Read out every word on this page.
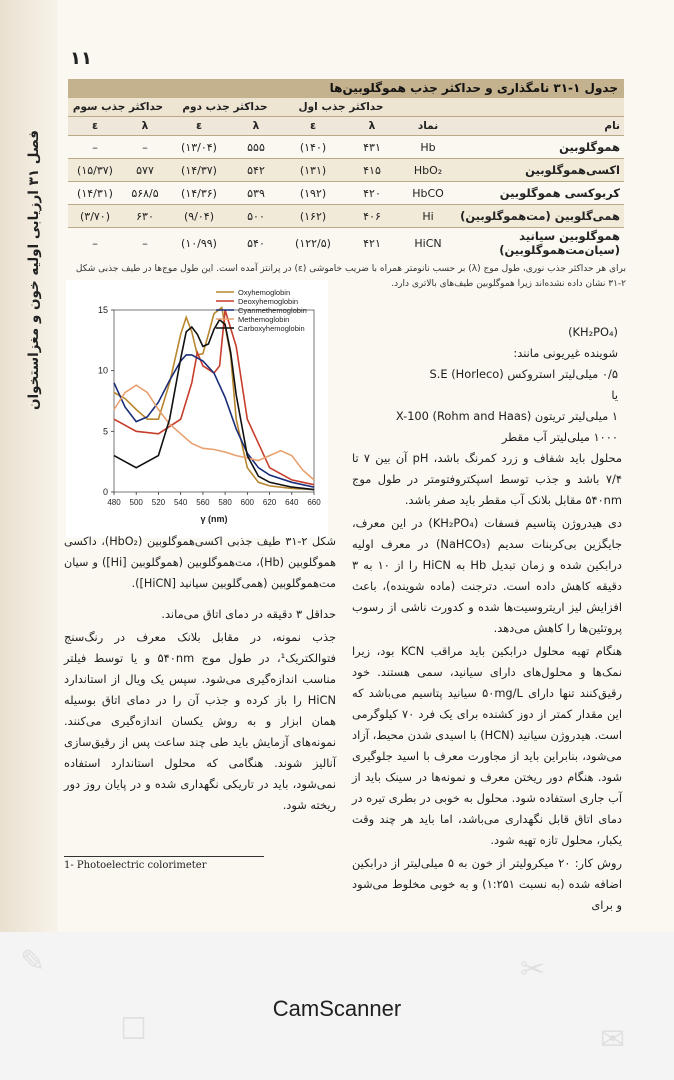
۱۱
فصل ۳۱ ارزیابی اولیه خون و مغزاستخوان
جدول ۱-۳۱ نامگذاری و حداکثر جذب هموگلوبین‌ها
		حداکثر جذب اول		حداکثر جذب دوم		حداکثر جذب سوم	
نام	نماد	λ	ε	λ	ε	λ	ε
هموگلوبین	Hb	۴۳۱	(۱۴۰)	۵۵۵	(۱۳/۰۴)	–	–
اکسی‌هموگلوبین	HbO₂	۴۱۵	(۱۳۱)	۵۴۲	(۱۴/۳۷)	۵۷۷	(۱۵/۳۷)
کربوکسی هموگلوبین	HbCO	۴۲۰	(۱۹۲)	۵۳۹	(۱۴/۳۶)	۵۶۸/۵	(۱۴/۳۱)
همی‌گلوبین (مت‌هموگلوبین)	Hi	۴۰۶	(۱۶۲)	۵۰۰	(۹/۰۴)	۶۳۰	(۳/۷۰)
هموگلوبین سیانید (سیان‌مت‌هموگلوبین)	HiCN	۴۲۱	(۱۲۲/۵)	۵۴۰	(۱۰/۹۹)	–	–
برای هر حداکثر جذب نوری، طول موج (λ) بر حسب نانومتر همراه با ضریب خاموشی (ε) در پرانتز آمده است. این طول موج‌ها در طیف جذبی شکل ۲-۳۱ نشان داده نشده‌اند زیرا هموگلوبین طیف‌های بالاتری دارد.
0
5
10
15
480 500 520 540 560 580 600 620 640 660
γ (nm)
Oxyhemoglobin
Deoxyhemoglobin
Cyanmethemoglobin
Methemoglobin
Carboxyhemoglobin
شکل ۲-۳۱ طیف جذبی اکسی‌هموگلوبین (HbO₂)، داکسی هموگلوبین (Hb)، مت‌هموگلوبین (هموگلوبین [Hi]) و سیان مت‌هموگلوبین (همی‌گلوبین سیانید [HiCN]).

(KH₂PO₄)

شوینده غیریونی مانند:

۰/۵ میلی‌لیتر استروکس S.E (Horleco)

یا

۱ میلی‌لیتر تریتون X-100 (Rohm and Haas)

۱۰۰۰ میلی‌لیتر آب مقطر

محلول باید شفاف و زرد کمرنگ باشد، pH آن بین ۷ تا ۷/۴ باشد و جذب توسط اسپکتروفتومتر در طول موج ۵۴۰nm مقابل بلانک آب مقطر باید صفر باشد.

دی هیدروژن پتاسیم فسفات (KH₂PO₄) در این معرف، جایگزین بی‌کربنات سدیم (NaHCO₃) در معرف اولیه درابکین شده و زمان تبدیل Hb به HiCN را از ۱۰ به ۳ دقیقه کاهش داده است. دترجنت (ماده شوینده)، باعث افزایش لیز اریتروسیت‌ها شده و کدورت ناشی از رسوب پروتئین‌ها را کاهش می‌دهد.

هنگام تهیه محلول درابکین باید مراقب KCN بود، زیرا نمک‌ها و محلول‌های دارای سیانید، سمی هستند. خود رقیق‌کنند تنها دارای ۵۰mg/L سیانید پتاسیم می‌باشد که این مقدار کمتر از دوز کشنده برای یک فرد ۷۰ کیلوگرمی است. هیدروژن سیانید (HCN) با اسیدی شدن محیط، آزاد می‌شود، بنابراین باید از مجاورت معرف با اسید جلوگیری شود. هنگام دور ریختن معرف و نمونه‌ها در سینک باید از آب جاری استفاده شود. محلول به خوبی در بطری تیره در دمای اتاق قابل نگهداری می‌باشد، اما باید هر چند وقت یکبار، محلول تازه تهیه شود.

روش کار: ۲۰ میکرولیتر از خون به ۵ میلی‌لیتر از درابکین اضافه شده (به نسبت ۱:۲۵۱) و به خوبی مخلوط می‌شود و برای

حداقل ۳ دقیقه در دمای اتاق می‌ماند.

جذب نمونه، در مقابل بلانک معرف در رنگ‌سنج فتوالکتریک¹، در طول موج ۵۴۰nm و یا توسط فیلتر مناسب اندازه‌گیری می‌شود. سپس یک ویال از استاندارد HiCN را باز کرده و جذب آن را در دمای اتاق بوسیله همان ابزار و به روش یکسان اندازه‌گیری می‌کنند. نمونه‌های آزمایش باید طی چند ساعت پس از رقیق‌سازی آنالیز شوند. هنگامی که محلول استاندارد استفاده نمی‌شود، باید در تاریکی نگهداری شده و در پایان روز دور ریخته شود.

1- Photoelectric colorimeter
✎
☐
✂
✉
CamScanner
